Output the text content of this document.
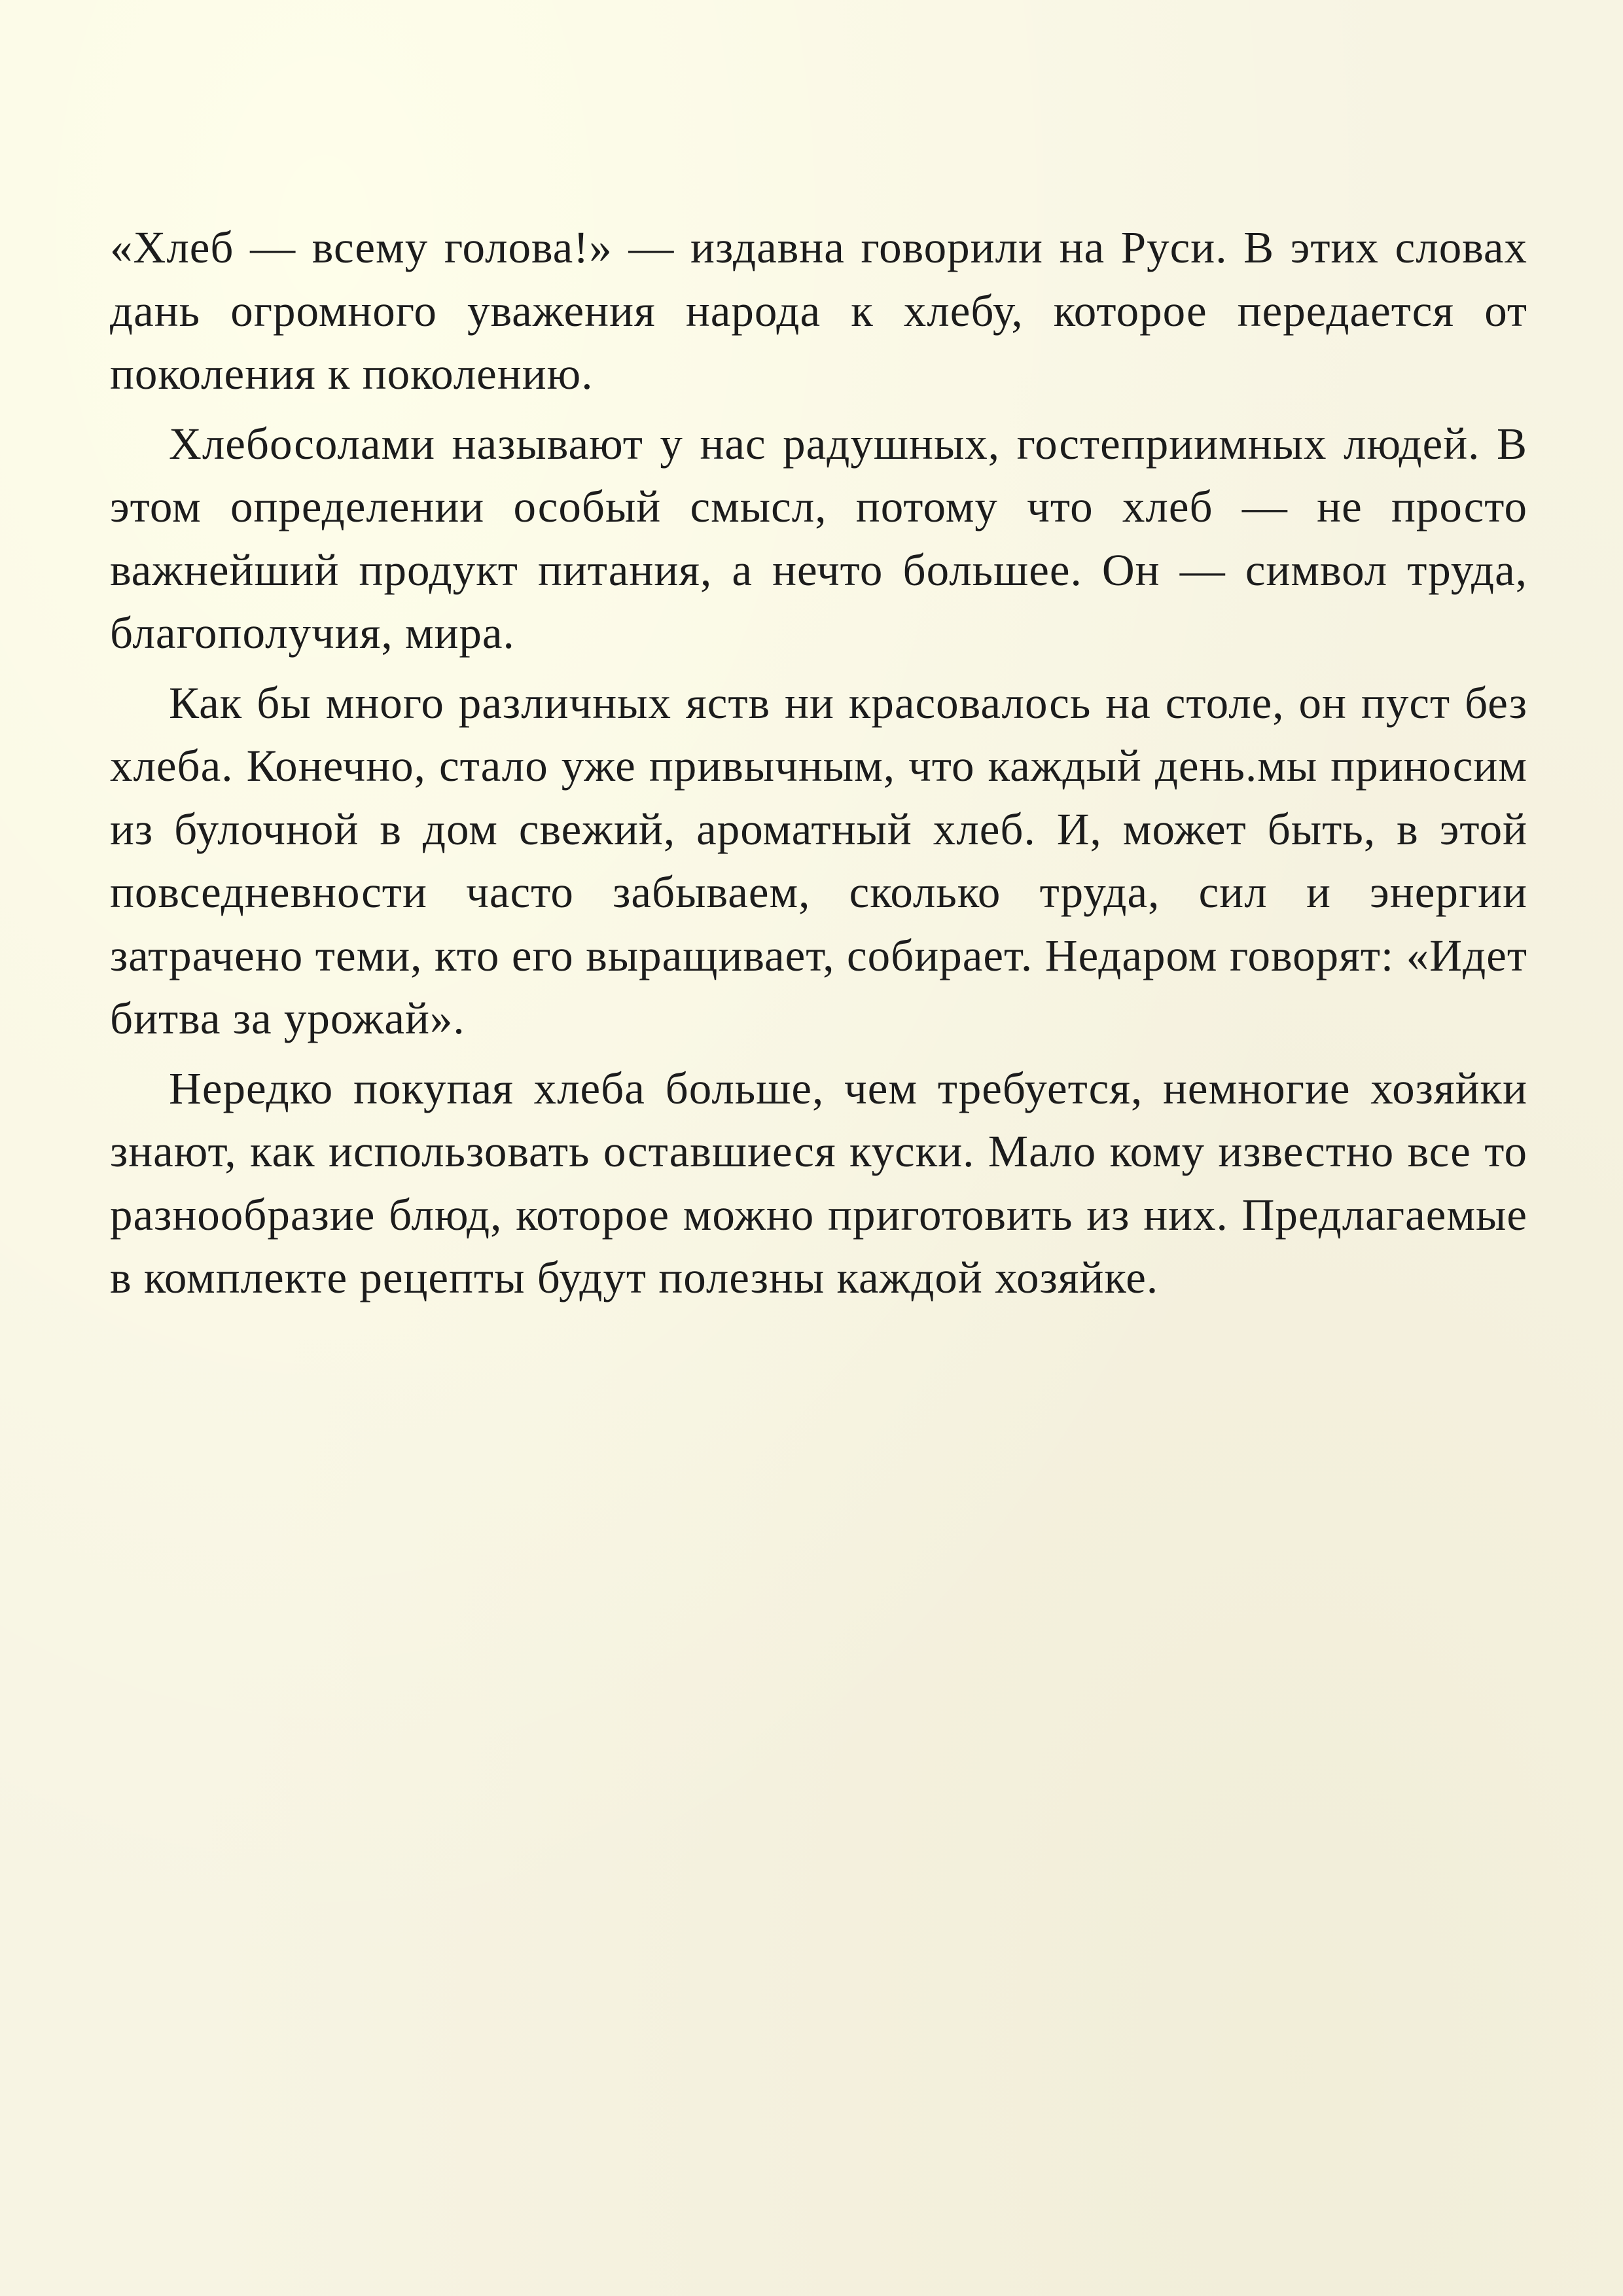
«Хлеб — всему голова!» — издавна говорили на Руси. В этих словах дань огромного уважения народа к хлебу, которое передается от поколения к поколению.

Хлебосолами называют у нас радушных, гостеприимных людей. В этом определении особый смысл, потому что хлеб — не просто важнейший продукт питания, а нечто большее. Он — символ труда, благополучия, мира.

Как бы много различных яств ни красовалось на столе, он пуст без хлеба. Конечно, стало уже привычным, что каждый день.мы приносим из булочной в дом свежий, ароматный хлеб. И, может быть, в этой повседневности часто забываем, сколько труда, сил и энергии затрачено теми, кто его выращивает, собирает. Недаром говорят: «Идет битва за урожай».

Нередко покупая хлеба больше, чем требуется, немногие хозяйки знают, как использовать оставшиеся куски. Мало кому известно все то разнообразие блюд, которое можно приготовить из них. Предлагаемые в комплекте рецепты будут полезны каждой хозяйке.
